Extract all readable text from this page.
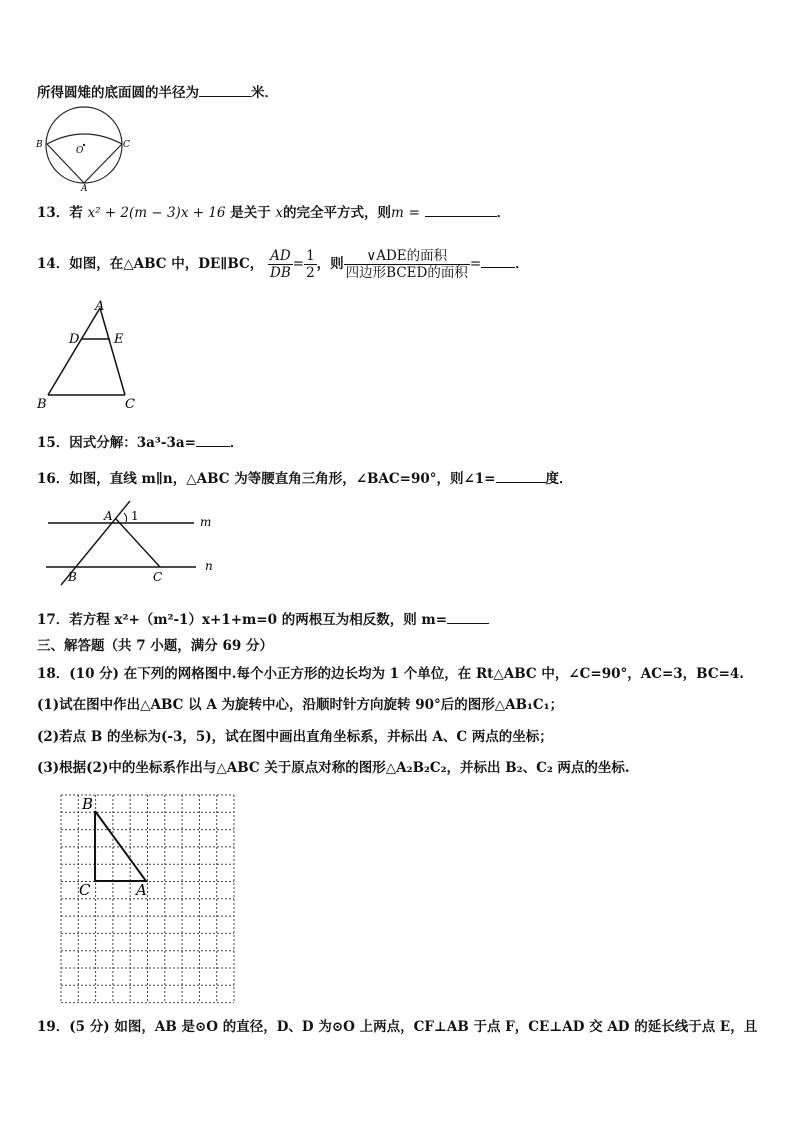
所得圆雉的底面圆的半径为	米．
B	C
A
O
13．若 x² + 2(m − 3)x + 16 是关于 x的完全平方式，则m =	．
14．如图，在△ABC 中，DE∥BC， $\frac{AD}{DB} = \frac{1}{2}$ ，则 $\frac{\text{∨ADE的面积}}{\text{四边形BCED的面积}}$ =	．
A
D	E
B	C
15．因式分解：3a³-3a=	．
16．如图，直线 m∥n，△ABC 为等腰直角三角形，∠BAC=90°，则∠1=	度．
A 1	m
n
B	C
17．若方程 x²+（m²-1）x+1+m=0 的两根互为相反数，则 m=
三、解答题（共 7 小题，满分 69 分）
18．(10 分) 在下列的网格图中.每个小正方形的边长均为 1 个单位，在 Rt△ABC 中，∠C=90°，AC=3，BC=4.
(1)试在图中作出△ABC 以 A 为旋转中心，沿顺时针方向旋转 90°后的图形△AB₁C₁；
(2)若点 B 的坐标为(-3，5)，试在图中画出直角坐标系，并标出 A、C 两点的坐标；
(3)根据(2)中的坐标系作出与△ABC 关于原点对称的图形△A₂B₂C₂，并标出 B₂、C₂ 两点的坐标.
B
C	A
19．(5 分) 如图，AB 是⊙O 的直径，D、D 为⊙O 上两点，CF⊥AB 于点 F，CE⊥AD 交 AD 的延长线于点 E，且
